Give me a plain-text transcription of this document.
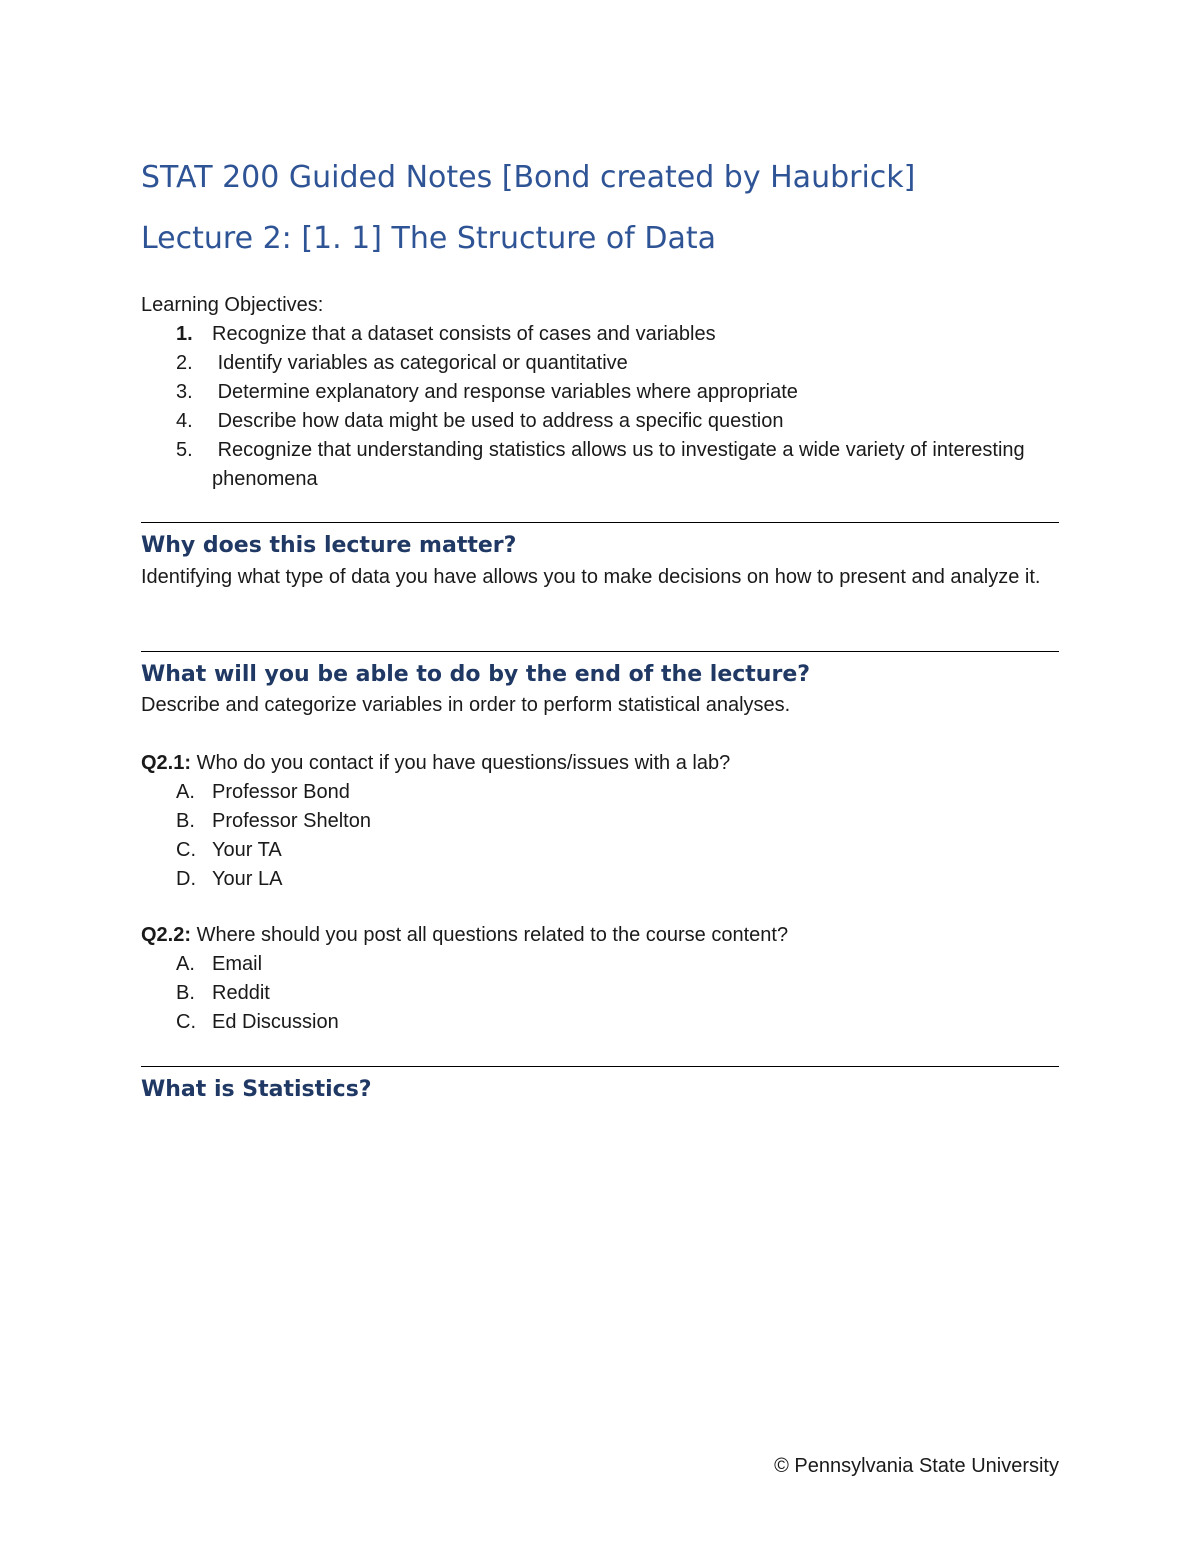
STAT 200 Guided Notes [Bond created by Haubrick]
Lecture 2: [1. 1] The Structure of Data
Learning Objectives:
1. Recognize that a dataset consists of cases and variables
2. Identify variables as categorical or quantitative
3. Determine explanatory and response variables where appropriate
4. Describe how data might be used to address a specific question
5. Recognize that understanding statistics allows us to investigate a wide variety of interesting phenomena
Why does this lecture matter?
Identifying what type of data you have allows you to make decisions on how to present and analyze it.
What will you be able to do by the end of the lecture?
Describe and categorize variables in order to perform statistical analyses.
Q2.1: Who do you contact if you have questions/issues with a lab?
A. Professor Bond
B. Professor Shelton
C. Your TA
D. Your LA
Q2.2: Where should you post all questions related to the course content?
A. Email
B. Reddit
C. Ed Discussion
What is Statistics?
© Pennsylvania State University
